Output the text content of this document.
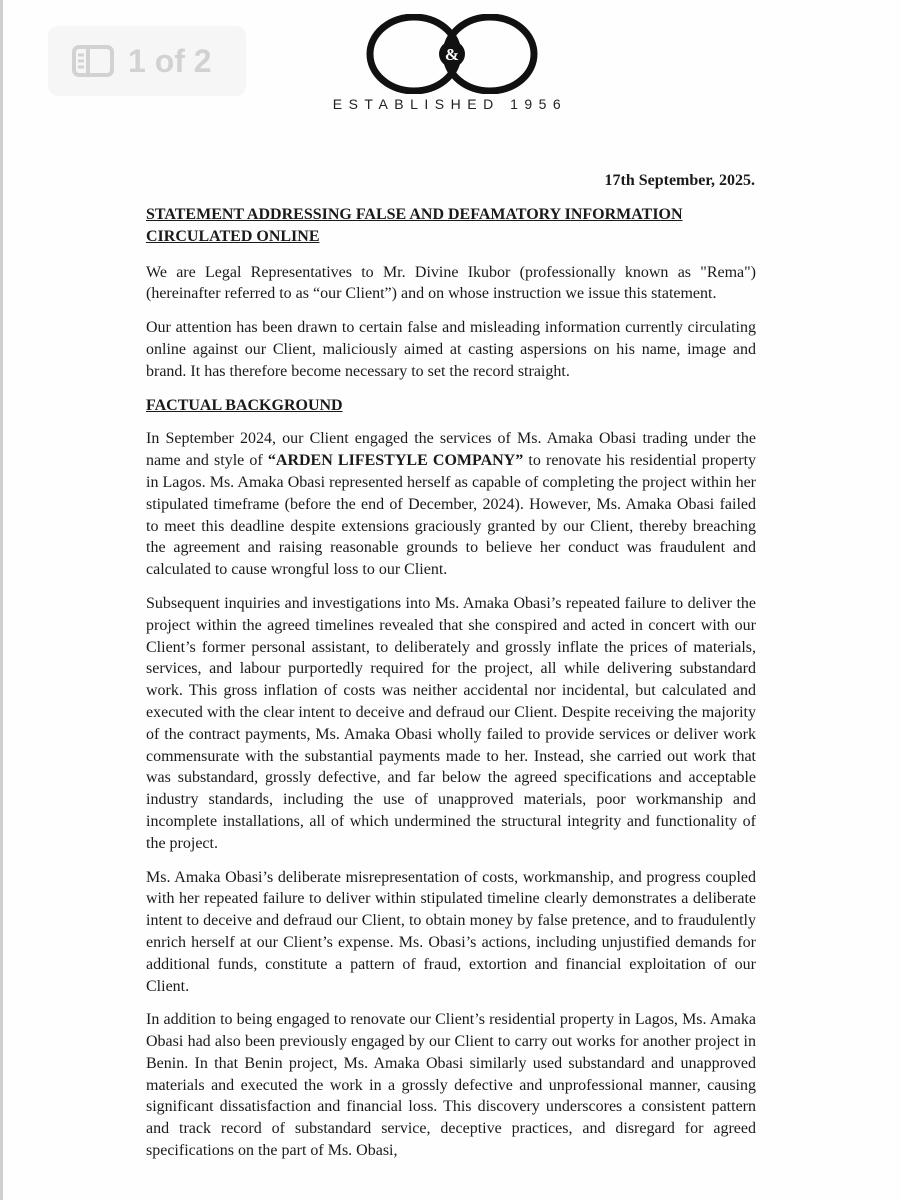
1 of 2	&
ESTABLISHED 1956
17th September, 2025.
STATEMENT ADDRESSING FALSE AND DEFAMATORY INFORMATION
CIRCULATED ONLINE

We are Legal Representatives to Mr. Divine Ikubor (professionally known as "Rema") (hereinafter referred to as “our Client”) and on whose instruction we issue this statement.

Our attention has been drawn to certain false and misleading information currently circulating online against our Client, maliciously aimed at casting aspersions on his name, image and brand. It has therefore become necessary to set the record straight.

FACTUAL BACKGROUND

In September 2024, our Client engaged the services of Ms. Amaka Obasi trading under the name and style of “ARDEN LIFESTYLE COMPANY” to renovate his residential property in Lagos. Ms. Amaka Obasi represented herself as capable of completing the project within her stipulated timeframe (before the end of December, 2024). However, Ms. Amaka Obasi failed to meet this deadline despite extensions graciously granted by our Client, thereby breaching the agreement and raising reasonable grounds to believe her conduct was fraudulent and calculated to cause wrongful loss to our Client.

Subsequent inquiries and investigations into Ms. Amaka Obasi’s repeated failure to deliver the project within the agreed timelines revealed that she conspired and acted in concert with our Client’s former personal assistant, to deliberately and grossly inflate the prices of materials, services, and labour purportedly required for the project, all while delivering substandard work. This gross inflation of costs was neither accidental nor incidental, but calculated and executed with the clear intent to deceive and defraud our Client. Despite receiving the majority of the contract payments, Ms. Amaka Obasi wholly failed to provide services or deliver work commensurate with the substantial payments made to her. Instead, she carried out work that was substandard, grossly defective, and far below the agreed specifications and acceptable industry standards, including the use of unapproved materials, poor workmanship and incomplete installations, all of which undermined the structural integrity and functionality of the project.

Ms. Amaka Obasi’s deliberate misrepresentation of costs, workmanship, and progress coupled with her repeated failure to deliver within stipulated timeline clearly demonstrates a deliberate intent to deceive and defraud our Client, to obtain money by false pretence, and to fraudulently enrich herself at our Client’s expense. Ms. Obasi’s actions, including unjustified demands for additional funds, constitute a pattern of fraud, extortion and financial exploitation of our Client.

In addition to being engaged to renovate our Client’s residential property in Lagos, Ms. Amaka Obasi had also been previously engaged by our Client to carry out works for another project in Benin. In that Benin project, Ms. Amaka Obasi similarly used substandard and unapproved materials and executed the work in a grossly defective and unprofessional manner, causing significant dissatisfaction and financial loss. This discovery underscores a consistent pattern and track record of substandard service, deceptive practices, and disregard for agreed specifications on the part of Ms. Obasi,
